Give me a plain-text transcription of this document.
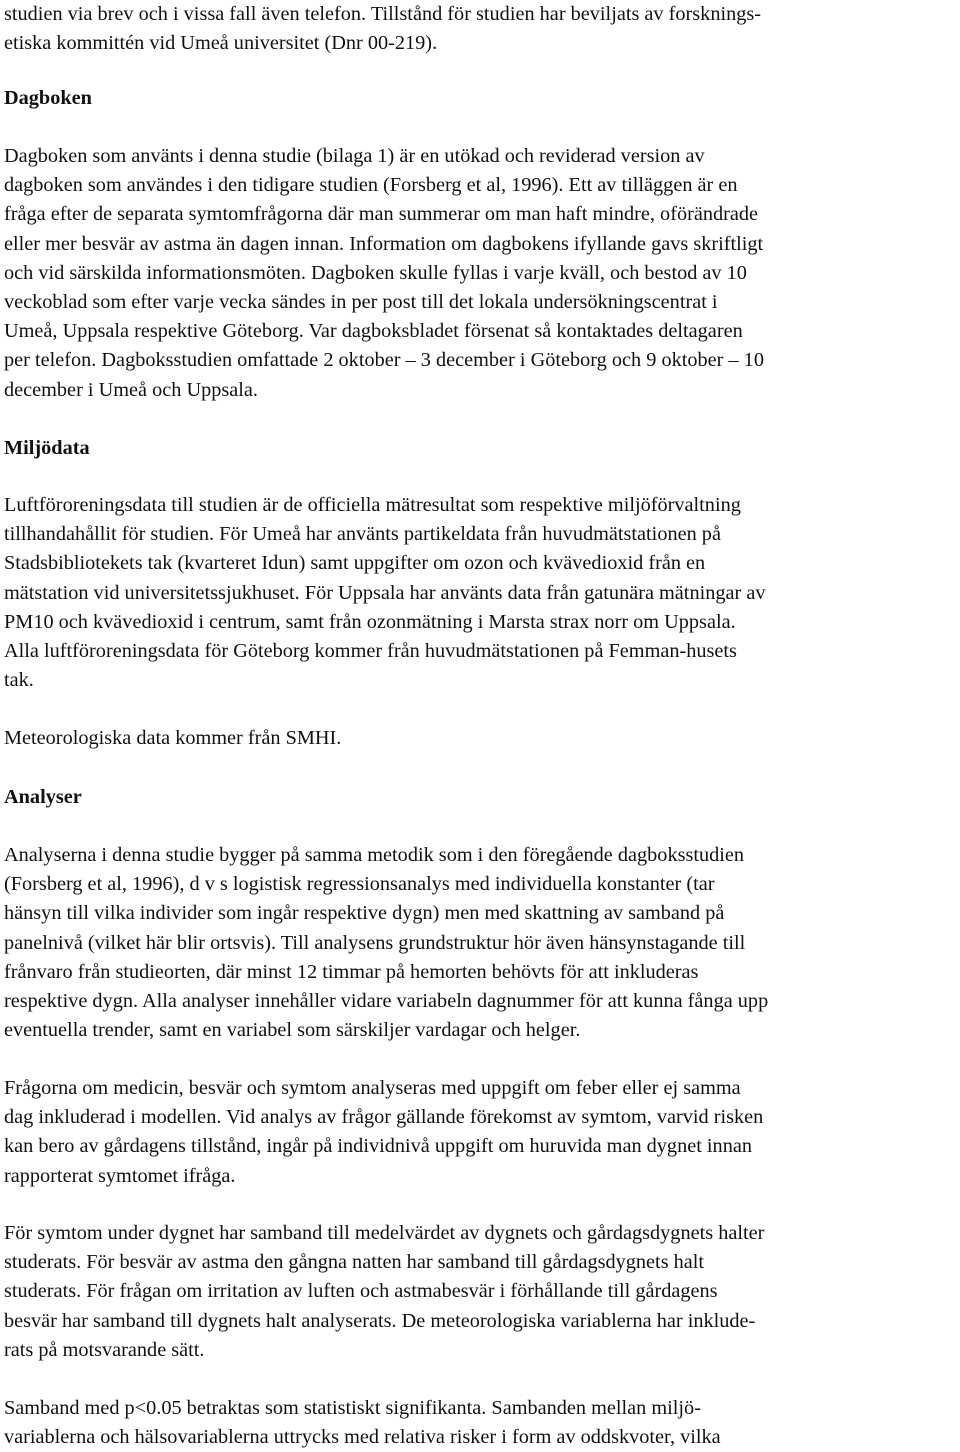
studien via brev och i vissa fall även telefon. Tillstånd för studien har beviljats av forsknings-
etiska kommittén vid Umeå universitet (Dnr 00-219).
Dagboken
Dagboken som använts i denna studie (bilaga 1) är en utökad och reviderad version av
dagboken som användes i den tidigare studien (Forsberg et al, 1996). Ett av tilläggen är en
fråga efter de separata symtomfrågorna där man summerar om man haft mindre, oförändrade
eller mer besvär av astma än dagen innan. Information om dagbokens ifyllande gavs skriftligt
och vid särskilda informationsmöten. Dagboken skulle fyllas i varje kväll, och bestod av 10
veckoblad som efter varje vecka sändes in per post till det lokala undersökningscentrat i
Umeå, Uppsala respektive Göteborg. Var dagboksbladet försenat så kontaktades deltagaren
per telefon. Dagboksstudien omfattade 2 oktober – 3 december i Göteborg och 9 oktober – 10
december i Umeå och Uppsala.
Miljödata
Luftföroreningsdata till studien är de officiella mätresultat som respektive miljöförvaltning
tillhandahållit för studien. För Umeå har använts partikeldata från huvudmätstationen på
Stadsbibliotekets tak (kvarteret Idun) samt uppgifter om ozon och kvävedioxid från en
mätstation vid universitetssjukhuset. För Uppsala har använts data från gatunära mätningar av
PM10 och kvävedioxid i centrum, samt från ozonmätning i Marsta strax norr om Uppsala.
Alla luftföroreningsdata för Göteborg kommer från huvudmätstationen på Femman-husets
tak.
Meteorologiska data kommer från SMHI.
Analyser
Analyserna i denna studie bygger på samma metodik som i den föregående dagboksstudien
(Forsberg et al, 1996), d v s logistisk regressionsanalys med individuella konstanter (tar
hänsyn till vilka individer som ingår respektive dygn) men med skattning av samband på
panelnivå (vilket här blir ortsvis). Till analysens grundstruktur hör även hänsynstagande till
frånvaro från studieorten, där minst 12 timmar på hemorten behövts för att inkluderas
respektive dygn. Alla analyser innehåller vidare variabeln dagnummer för att kunna fånga upp
eventuella trender, samt en variabel som särskiljer vardagar och helger.
Frågorna om medicin, besvär och symtom analyseras med uppgift om feber eller ej samma
dag inkluderad i modellen. Vid analys av frågor gällande förekomst av symtom, varvid risken
kan bero av gårdagens tillstånd, ingår på individnivå uppgift om huruvida man dygnet innan
rapporterat symtomet ifråga.
För symtom under dygnet har samband till medelvärdet av dygnets och gårdagsdygnets halter
studerats. För besvär av astma den gångna natten har samband till gårdagsdygnets halt
studerats. För frågan om irritation av luften och astmabesvär i förhållande till gårdagens
besvär har samband till dygnets halt analyserats. De meteorologiska variablerna har inklude-
rats på motsvarande sätt.
Samband med p<0.05 betraktas som statistiskt signifikanta. Sambanden mellan miljö-
variablerna och hälsovariablerna uttrycks med relativa risker i form av oddskvoter, vilka
